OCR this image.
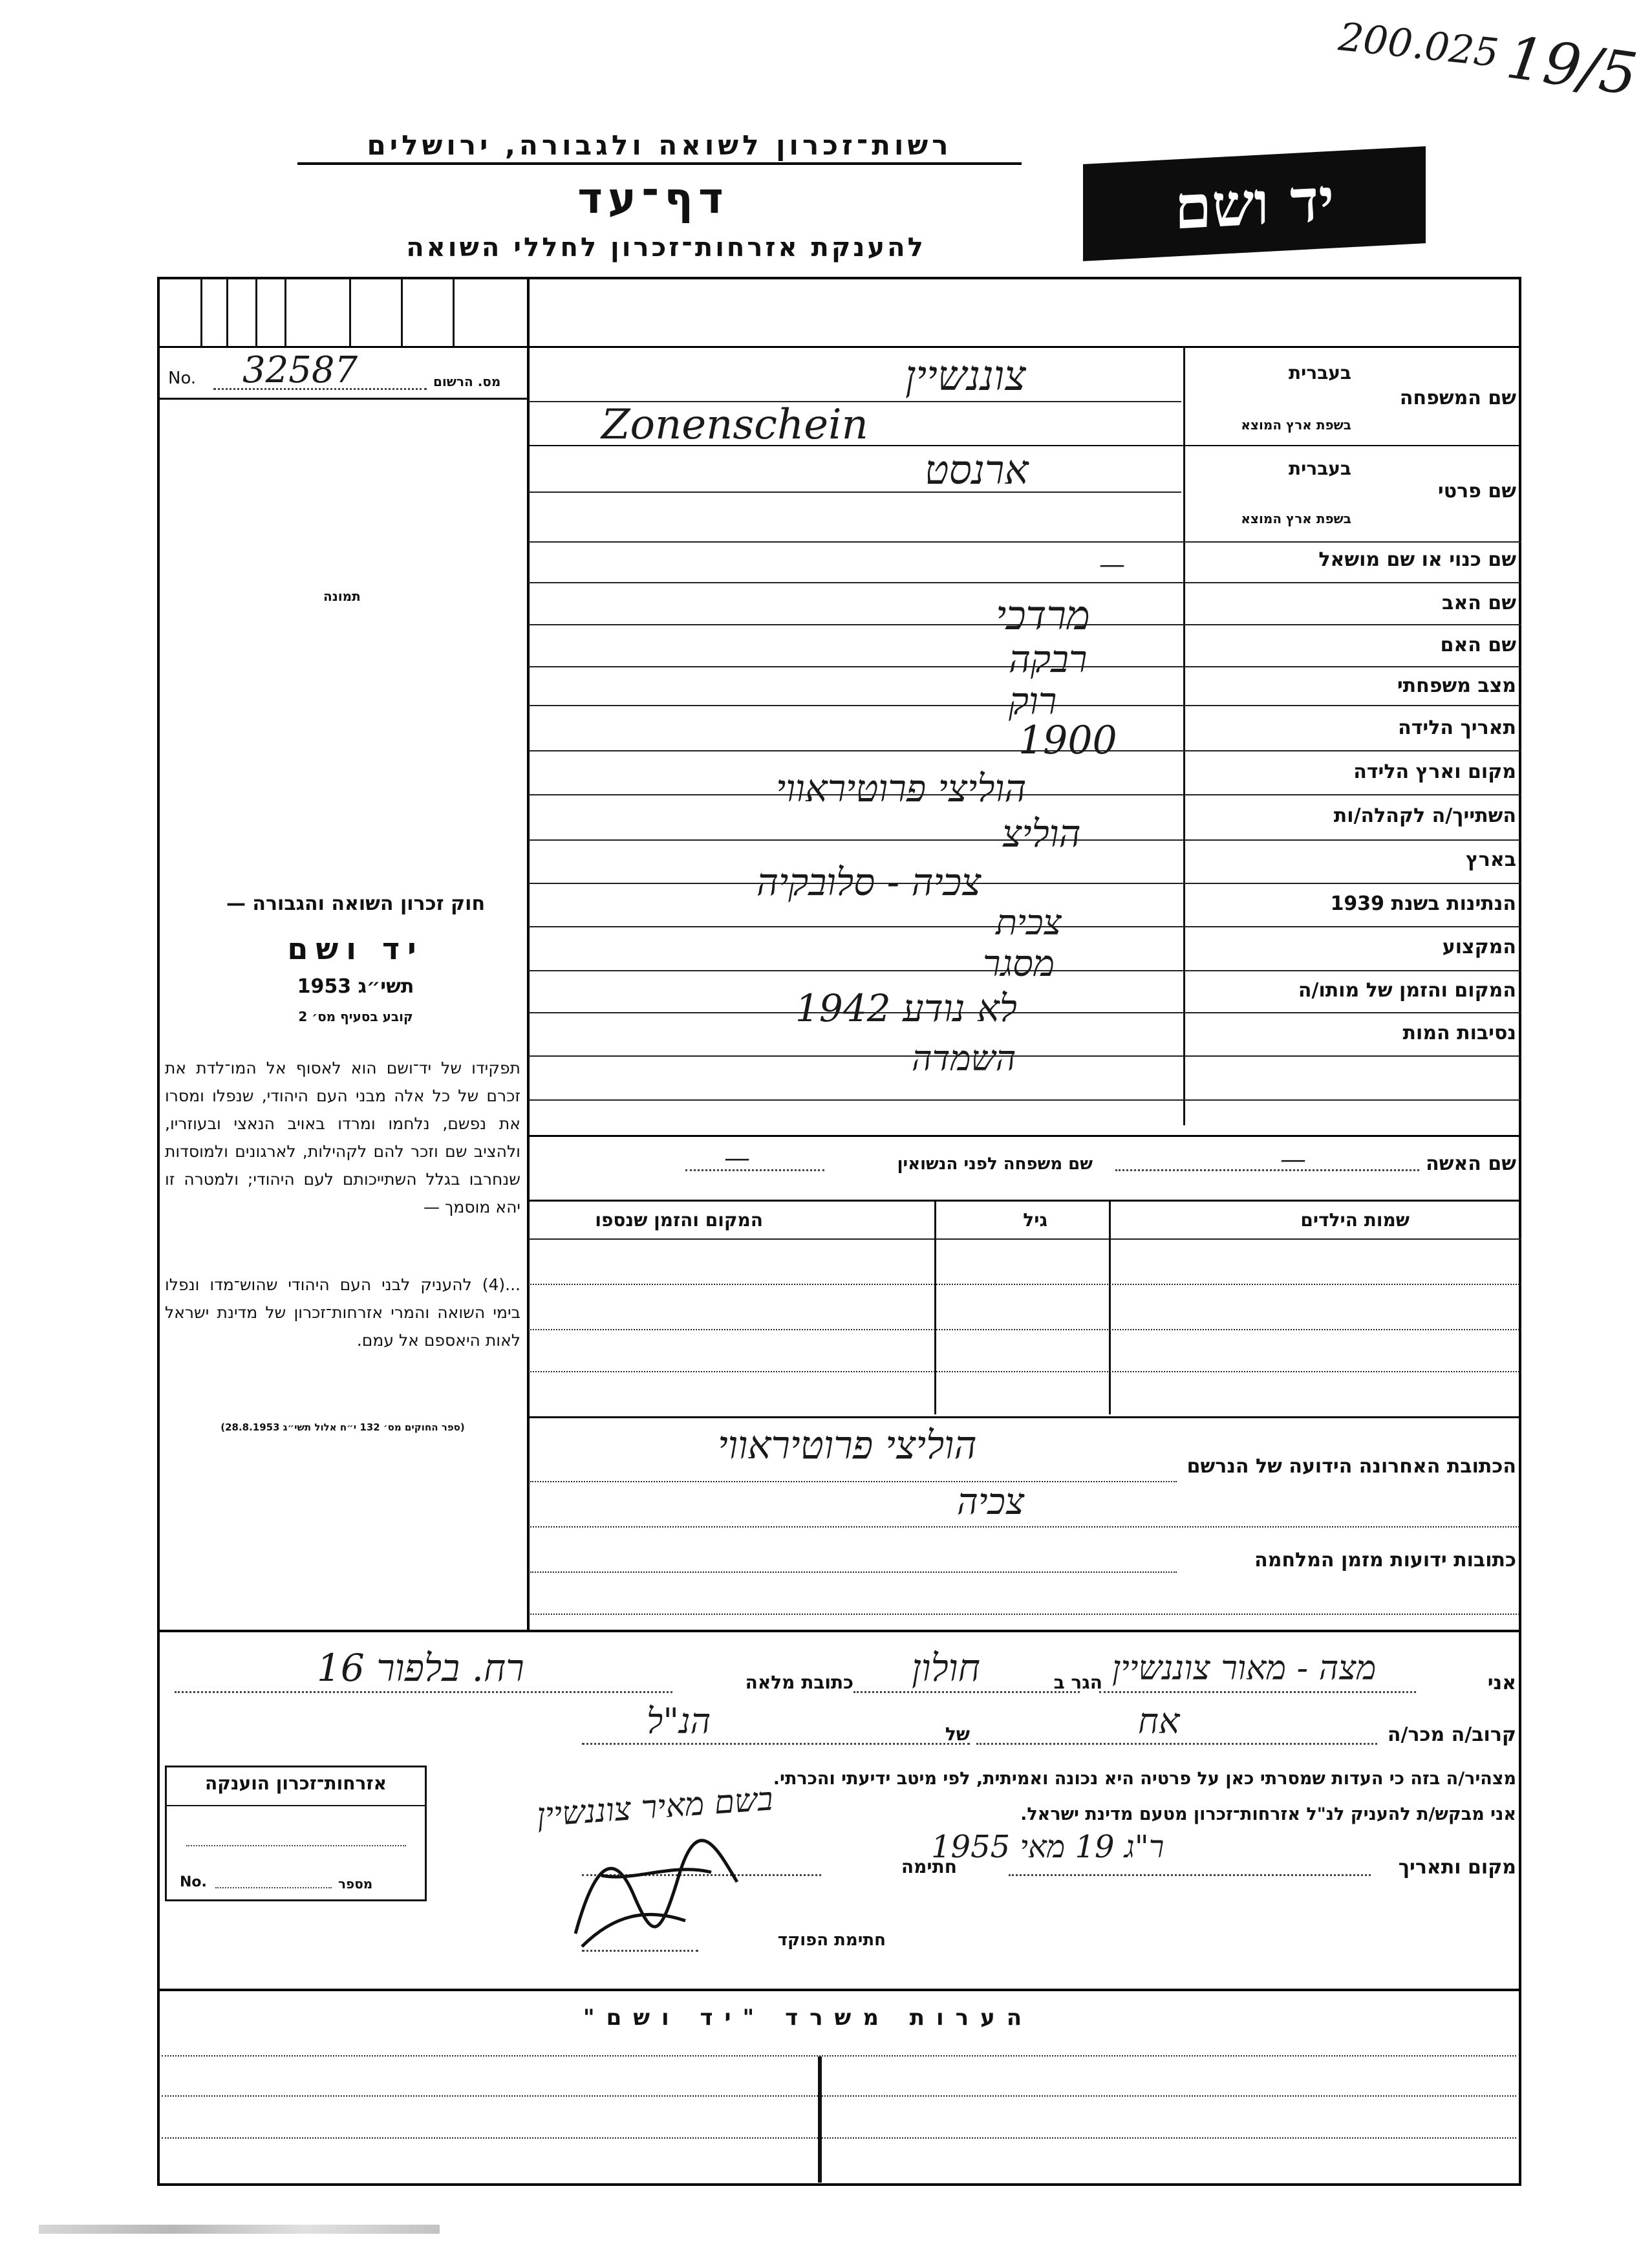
200.025 19/5
רשות־זכרון לשואה ולגבורה, ירושלים
דף־עד
להענקת אזרחות־זכרון לחללי השואה
יד ושם
No. 32587	מס. הרשום
תמונה
חוק זכרון השואה והגבורה —
יד ושם
תשי״ג 1953
קובע בסעיף מס׳ 2
תפקידו של יד־ושם הוא לאסוף אל המו־לדת את זכרם של כל אלה מבני העם היהודי, שנפלו ומסרו את נפשם, נלחמו ומרדו באויב הנאצי ובעוזריו, ולהציב שם וזכר להם לקהילות, לארגונים ולמוסדות שנחרבו בגלל השתייכותם לעם היהודי; ולמטרה זו יהא מוסמך —
...(4) להעניק לבני העם היהודי שהוש־מדו ונפלו בימי השואה והמרי אזרחות־זכרון של מדינת ישראל לאות היאספם אל עמם.
(ספר החוקים מס׳ 132 י״ח אלול תשי״ג 28.8.1953)
בעברית
שם המשפחה
בשפת ארץ המוצא
בעברית
שם פרטי
בשפת ארץ המוצא
שם כנוי או שם מושאל
שם האב
שם האם
מצב משפחתי
תאריך הלידה
מקום וארץ הלידה
השתייך/ה לקהלה/ות
בארץ
הנתינות בשנת 1939
המקצוע
המקום והזמן של מותו/ה
נסיבות המות
צוננשיין
Zonenschein
ארנסט
—
מרדכי
רבקה
רוק
1900
הוליצי פרוטיראווי
הוליצ
צכיה - סלובקיה
צכית
מסגר
לא נודע 1942
השמדה
שם האשה
—
שם משפחה לפני הנשואין
—
שמות הילדים
גיל
המקום והזמן שנספו
הכתובת האחרונה הידועה של הנרשם
הוליצי פרוטיראווי
צכיה
כתובות ידועות מזמן המלחמה
אני
מצה - מאור צוננשיין
הגר ב
חולון
כתובת מלאה
רח. בלפור 16
קרוב/ה מכר/ה
אח
של
הנ"ל
מצהיר/ה בזה כי העדות שמסרתי כאן על פרטיה היא נכונה ואמיתית, לפי מיטב ידיעתי והכרתי.
אני מבקש/ת להעניק לנ"ל אזרחות־זכרון מטעם מדינת ישראל.
בשם מאיר צוננשיין
מקום ותאריך
ר"ג 19 מאי 1955
חתימה
חתימת הפוקד
אזרחות־זכרון הוענקה
No.	מספר
הערות משרד "יד ושם"
